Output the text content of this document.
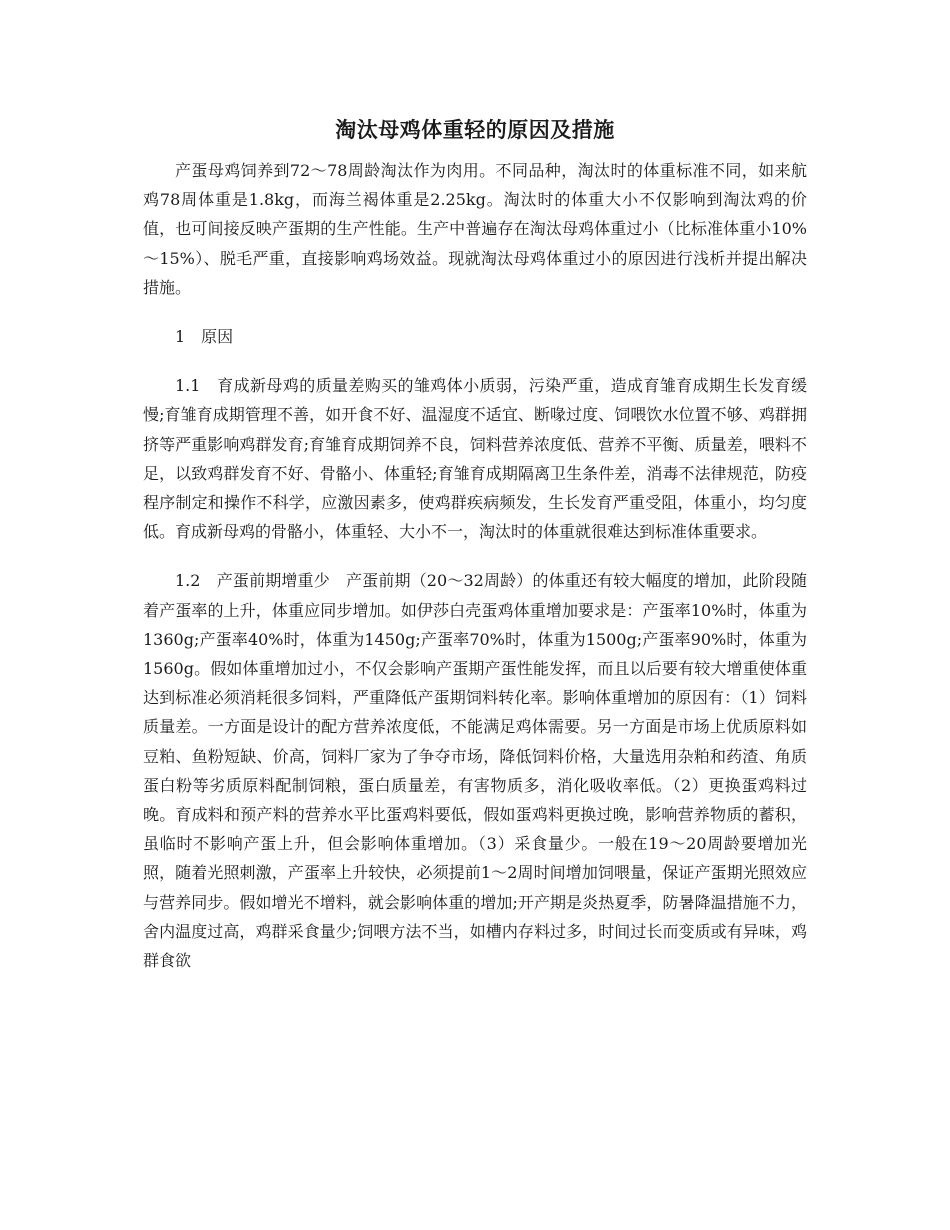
淘汰母鸡体重轻的原因及措施

产蛋母鸡饲养到72～78周龄淘汰作为肉用。不同品种，淘汰时的体重标准不同，如来航鸡78周体重是1.8kg，而海兰褐体重是2.25kg。淘汰时的体重大小不仅影响到淘汰鸡的价值，也可间接反映产蛋期的生产性能。生产中普遍存在淘汰母鸡体重过小（比标准体重小10%～15%）、脱毛严重，直接影响鸡场效益。现就淘汰母鸡体重过小的原因进行浅析并提出解决措施。

1　原因

1.1　育成新母鸡的质量差购买的雏鸡体小质弱，污染严重，造成育雏育成期生长发育缓慢;育雏育成期管理不善，如开食不好、温湿度不适宜、断喙过度、饲喂饮水位置不够、鸡群拥挤等严重影响鸡群发育;育雏育成期饲养不良，饲料营养浓度低、营养不平衡、质量差，喂料不足，以致鸡群发育不好、骨骼小、体重轻;育雏育成期隔离卫生条件差，消毒不法律规范，防疫程序制定和操作不科学，应激因素多，使鸡群疾病频发，生长发育严重受阻，体重小，均匀度低。育成新母鸡的骨骼小，体重轻、大小不一，淘汰时的体重就很难达到标准体重要求。

1.2　产蛋前期增重少　产蛋前期（20～32周龄）的体重还有较大幅度的增加，此阶段随着产蛋率的上升，体重应同步增加。如伊莎白壳蛋鸡体重增加要求是：产蛋率10%时，体重为1360g;产蛋率40%时，体重为1450g;产蛋率70%时，体重为1500g;产蛋率90%时，体重为1560g。假如体重增加过小，不仅会影响产蛋期产蛋性能发挥，而且以后要有较大增重使体重达到标准必须消耗很多饲料，严重降低产蛋期饲料转化率。影响体重增加的原因有：（1）饲料质量差。一方面是设计的配方营养浓度低，不能满足鸡体需要。另一方面是市场上优质原料如豆粕、鱼粉短缺、价高，饲料厂家为了争夺市场，降低饲料价格，大量选用杂粕和药渣、角质蛋白粉等劣质原料配制饲粮，蛋白质量差，有害物质多，消化吸收率低。（2）更换蛋鸡料过晚。育成料和预产料的营养水平比蛋鸡料要低，假如蛋鸡料更换过晚，影响营养物质的蓄积，虽临时不影响产蛋上升，但会影响体重增加。（3）采食量少。一般在19～20周龄要增加光照，随着光照刺激，产蛋率上升较快，必须提前1～2周时间增加饲喂量，保证产蛋期光照效应与营养同步。假如增光不增料，就会影响体重的增加;开产期是炎热夏季，防暑降温措施不力，舍内温度过高，鸡群采食量少;饲喂方法不当，如槽内存料过多，时间过长而变质或有异味，鸡群食欲
